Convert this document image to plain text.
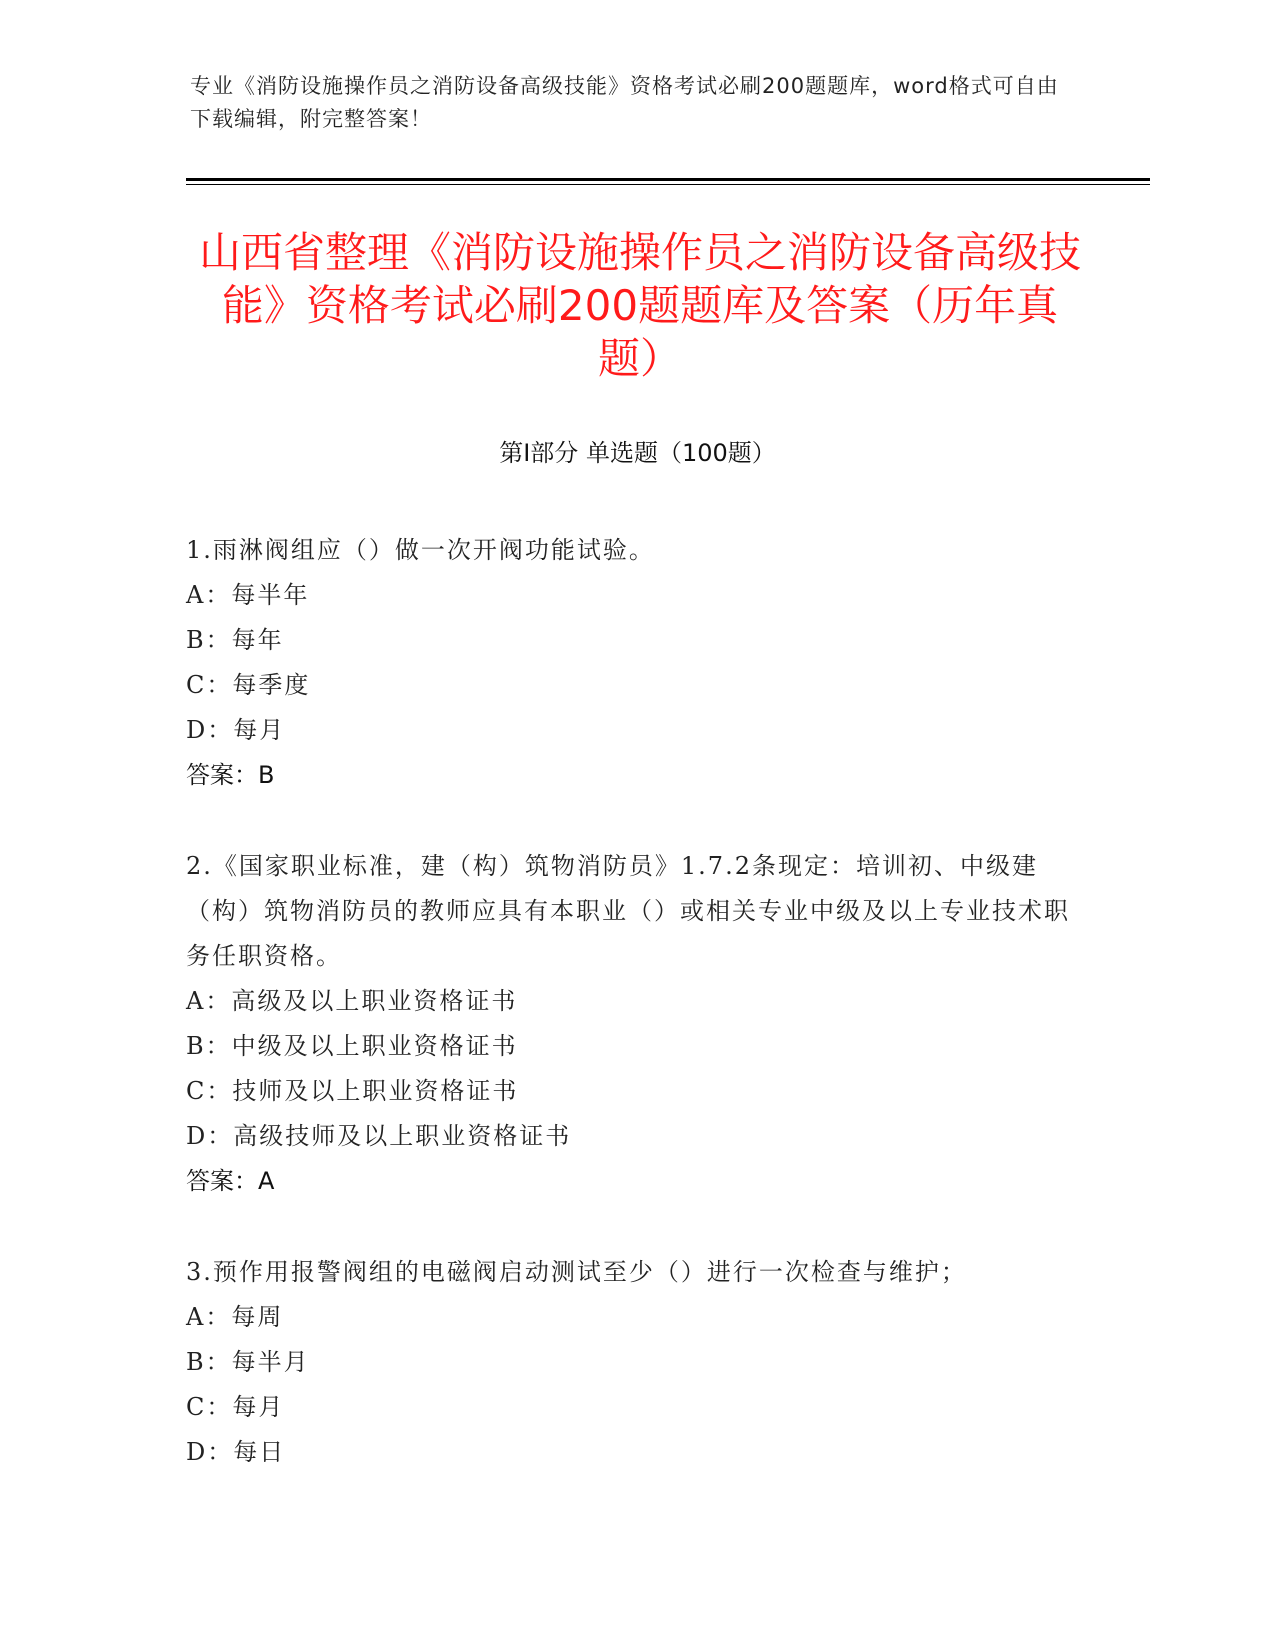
专业《消防设施操作员之消防设备高级技能》资格考试必刷200题题库，word格式可自由下载编辑，附完整答案！
山西省整理《消防设施操作员之消防设备高级技能》资格考试必刷200题题库及答案（历年真题）
第Ⅰ部分 单选题（100题）

1.雨淋阀组应（）做一次开阀功能试验。

A：每半年

B：每年

C：每季度

D：每月

答案：B

2.《国家职业标准，建（构）筑物消防员》1.7.2条现定：培训初、中级建（构）筑物消防员的教师应具有本职业（）或相关专业中级及以上专业技术职务任职资格。

A：高级及以上职业资格证书

B：中级及以上职业资格证书

C：技师及以上职业资格证书

D：高级技师及以上职业资格证书

答案：A

3.预作用报警阀组的电磁阀启动测试至少（）进行一次检查与维护；

A：每周

B：每半月

C：每月

D：每日
